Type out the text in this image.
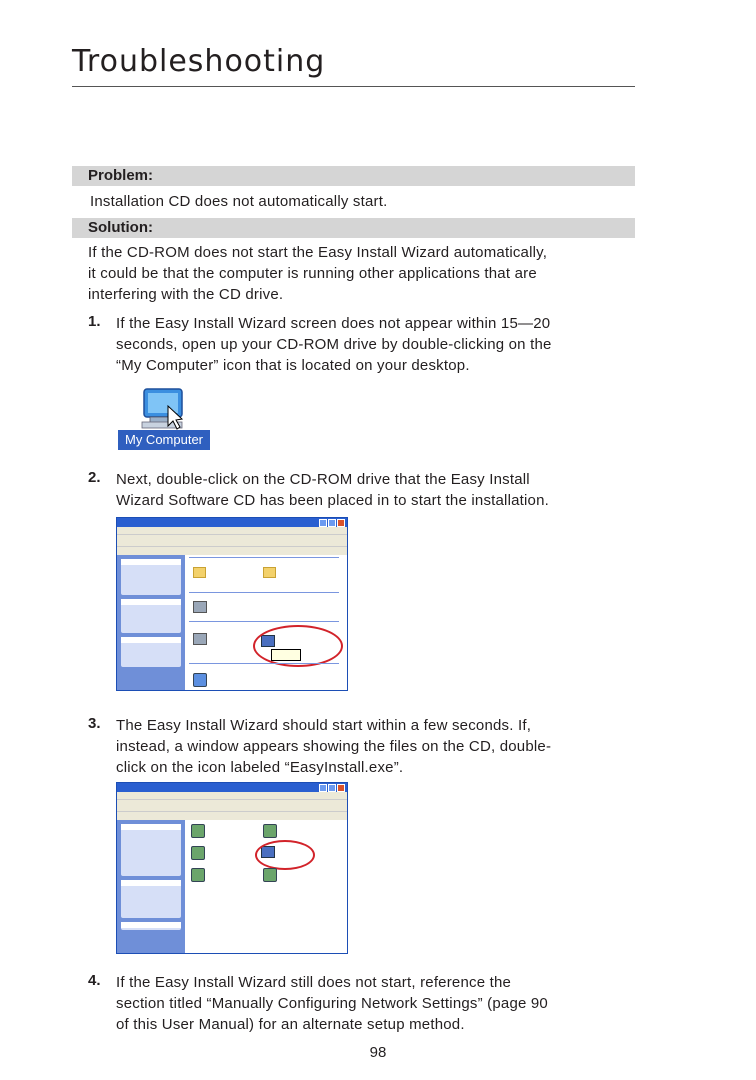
Troubleshooting
Problem:
Installation CD does not automatically start.
Solution:
If the CD-ROM does not start the Easy Install Wizard automatically,
it could be that the computer is running other applications that are
interfering with the CD drive.
1. If the Easy Install Wizard screen does not appear within 15—20
seconds, open up your CD-ROM drive by double-clicking on the
“My Computer” icon that is located on your desktop.
My Computer
2. Next, double-click on the CD-ROM drive that the Easy Install
Wizard Software CD has been placed in to start the installation.
3. The Easy Install Wizard should start within a few seconds. If,
instead, a window appears showing the files on the CD, double-
click on the icon labeled “EasyInstall.exe”.
4. If the Easy Install Wizard still does not start, reference the
section titled “Manually Configuring Network Settings” (page 90
of this User Manual) for an alternate setup method.
98
